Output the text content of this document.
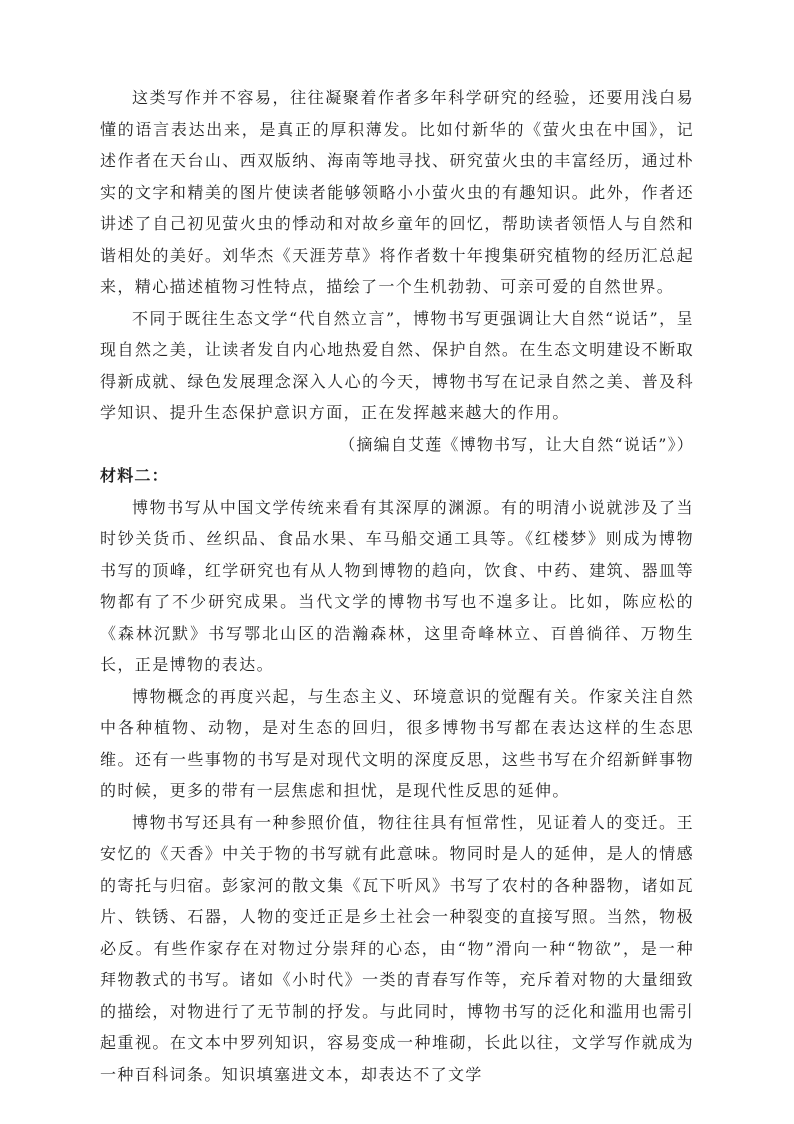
这类写作并不容易，往往凝聚着作者多年科学研究的经验，还要用浅白易懂的语言表达出来，是真正的厚积薄发。比如付新华的《萤火虫在中国》，记述作者在天台山、西双版纳、海南等地寻找、研究萤火虫的丰富经历，通过朴实的文字和精美的图片使读者能够领略小小萤火虫的有趣知识。此外，作者还讲述了自己初见萤火虫的悸动和对故乡童年的回忆，帮助读者领悟人与自然和谐相处的美好。刘华杰《天涯芳草》将作者数十年搜集研究植物的经历汇总起来，精心描述植物习性特点，描绘了一个生机勃勃、可亲可爱的自然世界。

不同于既往生态文学“代自然立言”，博物书写更强调让大自然“说话”，呈现自然之美，让读者发自内心地热爱自然、保护自然。在生态文明建设不断取得新成就、绿色发展理念深入人心的今天，博物书写在记录自然之美、普及科学知识、提升生态保护意识方面，正在发挥越来越大的作用。

（摘编自艾莲《博物书写，让大自然“说话”》）

材料二：

博物书写从中国文学传统来看有其深厚的渊源。有的明清小说就涉及了当时钞关货币、丝织品、食品水果、车马船交通工具等。《红楼梦》则成为博物书写的顶峰，红学研究也有从人物到博物的趋向，饮食、中药、建筑、器皿等物都有了不少研究成果。当代文学的博物书写也不遑多让。比如，陈应松的《森林沉默》书写鄂北山区的浩瀚森林，这里奇峰林立、百兽徜徉、万物生长，正是博物的表达。

博物概念的再度兴起，与生态主义、环境意识的觉醒有关。作家关注自然中各种植物、动物，是对生态的回归，很多博物书写都在表达这样的生态思维。还有一些事物的书写是对现代文明的深度反思，这些书写在介绍新鲜事物的时候，更多的带有一层焦虑和担忧，是现代性反思的延伸。

博物书写还具有一种参照价值，物往往具有恒常性，见证着人的变迁。王安忆的《天香》中关于物的书写就有此意味。物同时是人的延伸，是人的情感的寄托与归宿。彭家河的散文集《瓦下听风》书写了农村的各种器物，诸如瓦片、铁锈、石器，人物的变迁正是乡土社会一种裂变的直接写照。当然，物极必反。有些作家存在对物过分崇拜的心态，由“物”滑向一种“物欲”，是一种拜物教式的书写。诸如《小时代》一类的青春写作等，充斥着对物的大量细致的描绘，对物进行了无节制的抒发。与此同时，博物书写的泛化和滥用也需引起重视。在文本中罗列知识，容易变成一种堆砌，长此以往，文学写作就成为一种百科词条。知识填塞进文本，却表达不了文学
